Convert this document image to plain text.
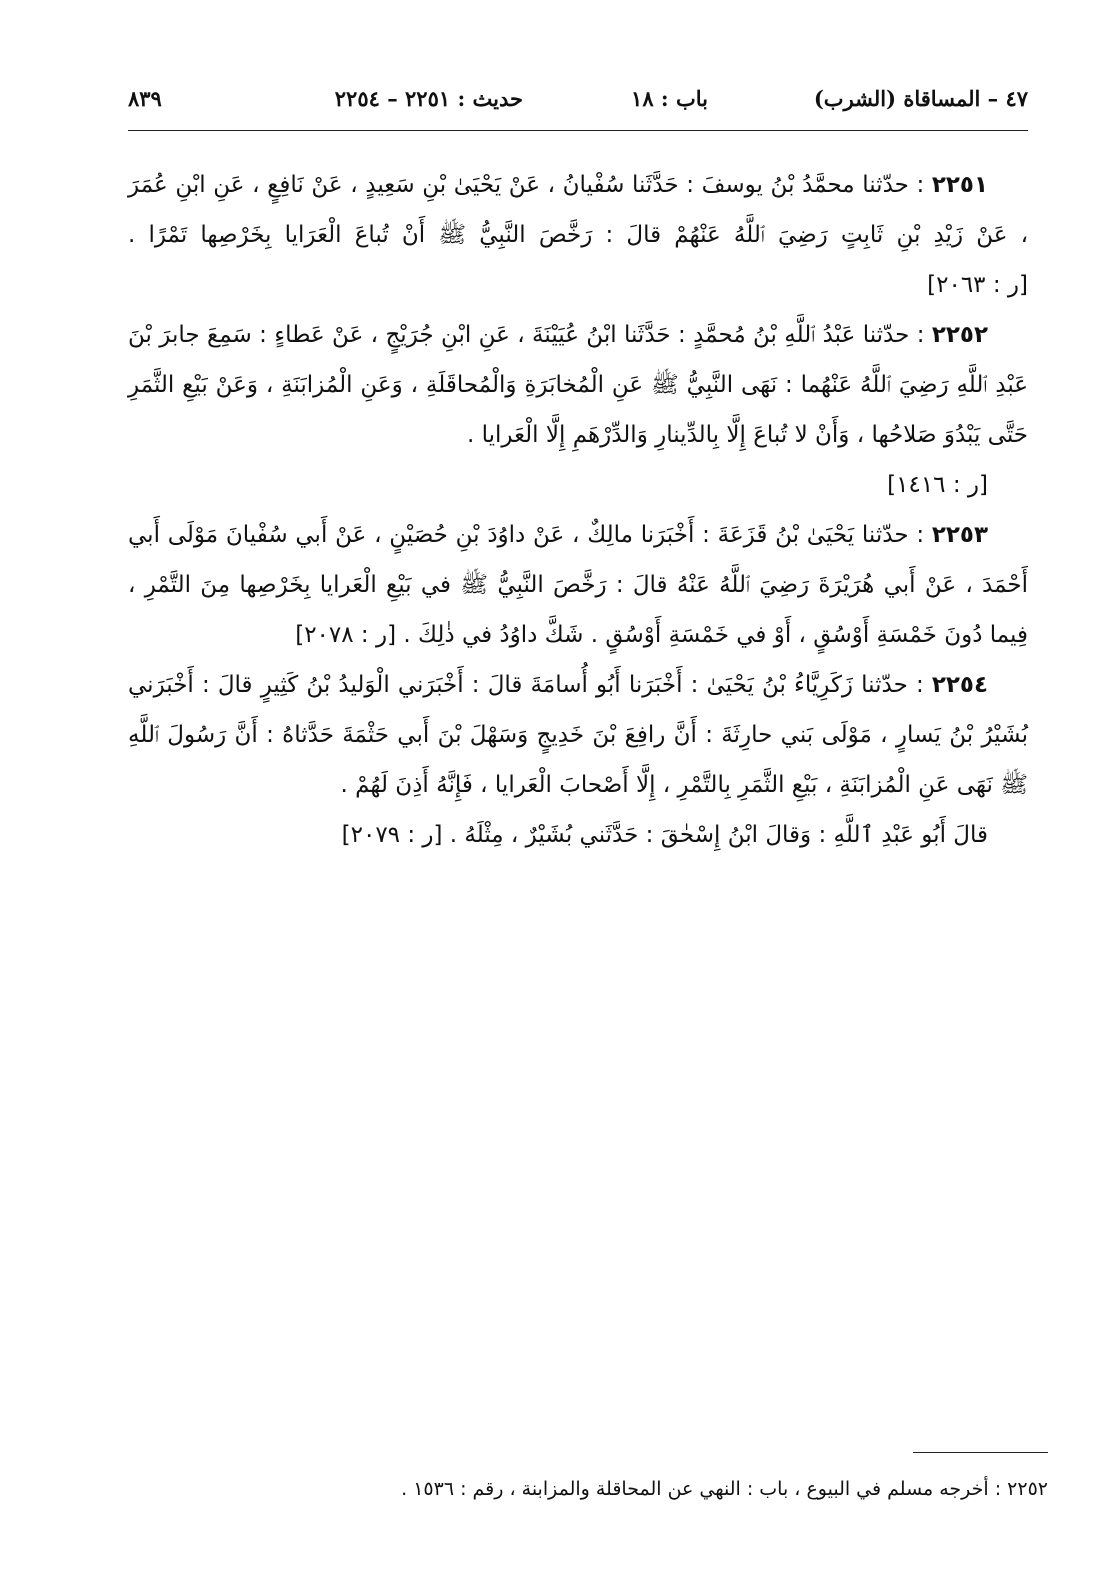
٤٧ – المساقاة (الشرب)
باب : ١٨
حديث : ٢٢٥١ – ٢٢٥٤
٨٣٩

٢٢٥١ : حدّثنا محمَّدُ بْنُ يوسفَ : حَدَّثَنا سُفْيانُ ، عَنْ يَحْيَىٰ بْنِ سَعِيدٍ ، عَنْ نَافِعٍ ، عَنِ ابْنِ عُمَرَ ، عَنْ زَيْدِ بْنِ ثَابِتٍ رَضِيَ ٱللَّهُ عَنْهُمْ قالَ : رَخَّصَ النَّبِيُّ ﷺ أَنْ تُباعَ الْعَرَايا بِخَرْصِها تَمْرًا . [ر : ٢٠٦٣]

٢٢٥٢ : حدّثنا عَبْدُ ٱللَّهِ بْنُ مُحمَّدٍ : حَدَّثَنا ابْنُ عُيَيْنَةَ ، عَنِ ابْنِ جُرَيْجٍ ، عَنْ عَطاءٍ : سَمِعَ جابرَ بْنَ عَبْدِ ٱللَّهِ رَضِيَ ٱللَّهُ عَنْهُما : نَهَى النَّبِيُّ ﷺ عَنِ الْمُخابَرَةِ وَالْمُحاقَلَةِ ، وَعَنِ الْمُزابَنَةِ ، وَعَنْ بَيْعِ الثَّمَرِ حَتَّى يَبْدُوَ صَلاحُها ، وَأَنْ لا تُباعَ إِلَّا بِالدِّينارِ وَالدِّرْهَمِ إِلَّا الْعَرايا .

[ر : ١٤١٦]

٢٢٥٣ : حدّثنا يَحْيَىٰ بْنُ قَزَعَةَ : أَخْبَرَنا مالِكٌ ، عَنْ داوُدَ بْنِ حُصَيْنٍ ، عَنْ أَبي سُفْيانَ مَوْلَى أَبي أَحْمَدَ ، عَنْ أَبي هُرَيْرَةَ رَضِيَ ٱللَّهُ عَنْهُ قالَ : رَخَّصَ النَّبِيُّ ﷺ في بَيْعِ الْعَرايا بِخَرْصِها مِنَ التَّمْرِ ، فِيما دُونَ خَمْسَةِ أَوْسُقٍ ، أَوْ في خَمْسَةِ أَوْسُقٍ . شَكَّ داوُدُ في ذٰلِكَ . [ر : ٢٠٧٨]

٢٢٥٤ : حدّثنا زَكَرِيَّاءُ بْنُ يَحْيَىٰ : أَخْبَرَنا أَبُو أُسامَةَ قالَ : أَخْبَرَني الْوَليدُ بْنُ كَثِيرٍ قالَ : أَخْبَرَني بُشَيْرُ بْنُ يَسارٍ ، مَوْلَى بَني حارِثَةَ : أَنَّ رافِعَ بْنَ خَدِيجٍ وَسَهْلَ بْنَ أَبي حَثْمَةَ حَدَّثاهُ : أَنَّ رَسُولَ ٱللَّهِ ﷺ نَهَى عَنِ الْمُزابَنَةِ ، بَيْعِ الثَّمَرِ بِالتَّمْرِ ، إِلَّا أَصْحابَ الْعَرايا ، فَإِنَّهُ أَذِنَ لَهُمْ .

قالَ أَبُو عَبْدِ ٱللَّهِ : وَقالَ ابْنُ إِسْحٰقَ : حَدَّثَني بُشَيْرٌ ، مِثْلَهُ . [ر : ٢٠٧٩]

٢٢٥٢ : أخرجه مسلم في البيوع ، باب : النهي عن المحاقلة والمزابنة ، رقم : ١٥٣٦ .
